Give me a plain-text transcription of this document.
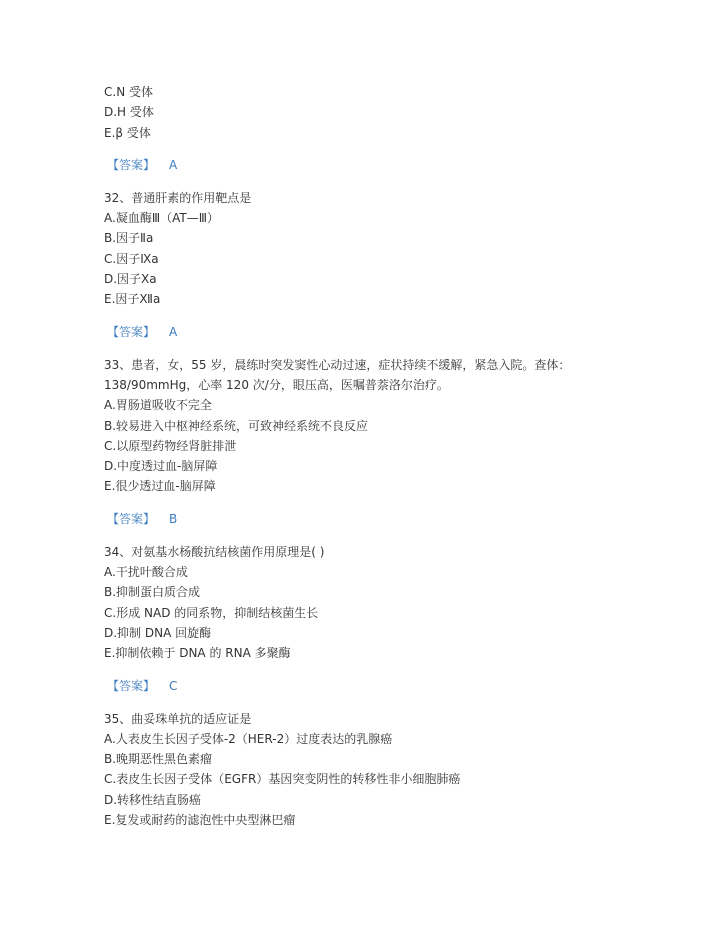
C.N 受体
D.H 受体
E.β 受体
【答案】 A
32、普通肝素的作用靶点是
A.凝血酶Ⅲ（AT—Ⅲ）
B.因子Ⅱa
C.因子Ⅸa
D.因子Ⅹa
E.因子Ⅻa
【答案】 A
33、患者，女，55 岁，晨练时突发窦性心动过速，症状持续不缓解，紧急入院。查体：138/90mmHg，心率 120 次/分，眼压高，医嘱普萘洛尔治疗。
A.胃肠道吸收不完全
B.较易进入中枢神经系统，可致神经系统不良反应
C.以原型药物经肾脏排泄
D.中度透过血-脑屏障
E.很少透过血-脑屏障
【答案】 B
34、对氨基水杨酸抗结核菌作用原理是( )
A.干扰叶酸合成
B.抑制蛋白质合成
C.形成 NAD 的同系物，抑制结核菌生长
D.抑制 DNA 回旋酶
E.抑制依赖于 DNA 的 RNA 多聚酶
【答案】 C
35、曲妥珠单抗的适应证是
A.人表皮生长因子受体-2（HER-2）过度表达的乳腺癌
B.晚期恶性黑色素瘤
C.表皮生长因子受体（EGFR）基因突变阴性的转移性非小细胞肺癌
D.转移性结直肠癌
E.复发或耐药的滤泡性中央型淋巴瘤
